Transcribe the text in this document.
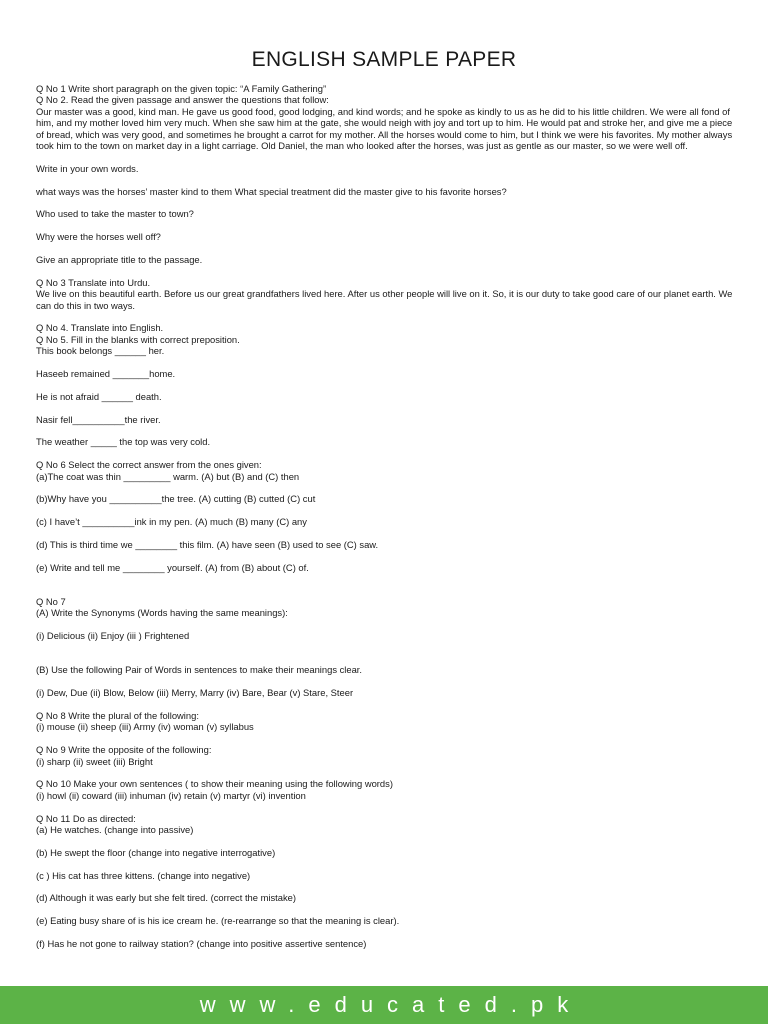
ENGLISH SAMPLE PAPER

Q No 1 Write short paragraph on the given topic: “A Family Gathering”

Q No 2. Read the given passage and answer the questions that follow:

Our master was a good, kind man. He gave us good food, good lodging, and kind words; and he spoke as kindly to us as he did to his little children. We were all fond of him, and my mother loved him very much. When she saw him at the gate, she would neigh with joy and tort up to him. He would pat and stroke her, and give me a piece of bread, which was very good, and sometimes he brought a carrot for my mother. All the horses would come to him, but I think we were his favorites. My mother always took him to the town on market day in a light carriage. Old Daniel, the man who looked after the horses, was just as gentle as our master, so we were well off.

Write in your own words.

what ways was the horses’ master kind to them What special treatment did the master give to his favorite horses?

Who used to take the master to town?

Why were the horses well off?

Give an appropriate title to the passage.

Q No 3 Translate into Urdu.

We live on this beautiful earth. Before us our great grandfathers lived here. After us other people will live on it. So, it is our duty to take good care of our planet earth. We can do this in two ways.

Q No 4. Translate into English.

Q No 5. Fill in the blanks with correct preposition.

This book belongs ______ her.

Haseeb remained _______home.

He is not afraid ______ death.

Nasir fell__________the river.

The weather _____ the top was very cold.

Q No 6 Select the correct answer from the ones given:

(a)The coat was thin _________ warm. (A) but (B) and (C) then

(b)Why have you __________the tree. (A) cutting (B) cutted (C) cut

(c) I have’t __________ink in my pen. (A) much (B) many (C) any

(d) This is third time we ________ this film. (A) have seen (B) used to see (C) saw.

(e) Write and tell me ________ yourself. (A) from (B) about (C) of.

Q No 7

(A) Write the Synonyms (Words having the same meanings):

(i) Delicious (ii) Enjoy (iii ) Frightened

(B) Use the following Pair of Words in sentences to make their meanings clear.

(i) Dew, Due (ii) Blow, Below (iii) Merry, Marry (iv) Bare, Bear (v) Stare, Steer

Q No 8 Write the plural of the following:

(i) mouse (ii) sheep (iii) Army (iv) woman (v) syllabus

Q No 9 Write the opposite of the following:

(i) sharp (ii) sweet (iii) Bright

Q No 10 Make your own sentences ( to show their meaning using the following words)

(i) howl (ii) coward (iii) inhuman (iv) retain (v) martyr (vi) invention

Q No 11 Do as directed:

(a) He watches. (change into passive)

(b) He swept the floor (change into negative interrogative)

(c ) His cat has three kittens. (change into negative)

(d) Although it was early but she felt tired. (correct the mistake)

(e) Eating busy share of is his ice cream he. (re-rearrange so that the meaning is clear).

(f) Has he not gone to railway station? (change into positive assertive sentence)

www.educated.pk
